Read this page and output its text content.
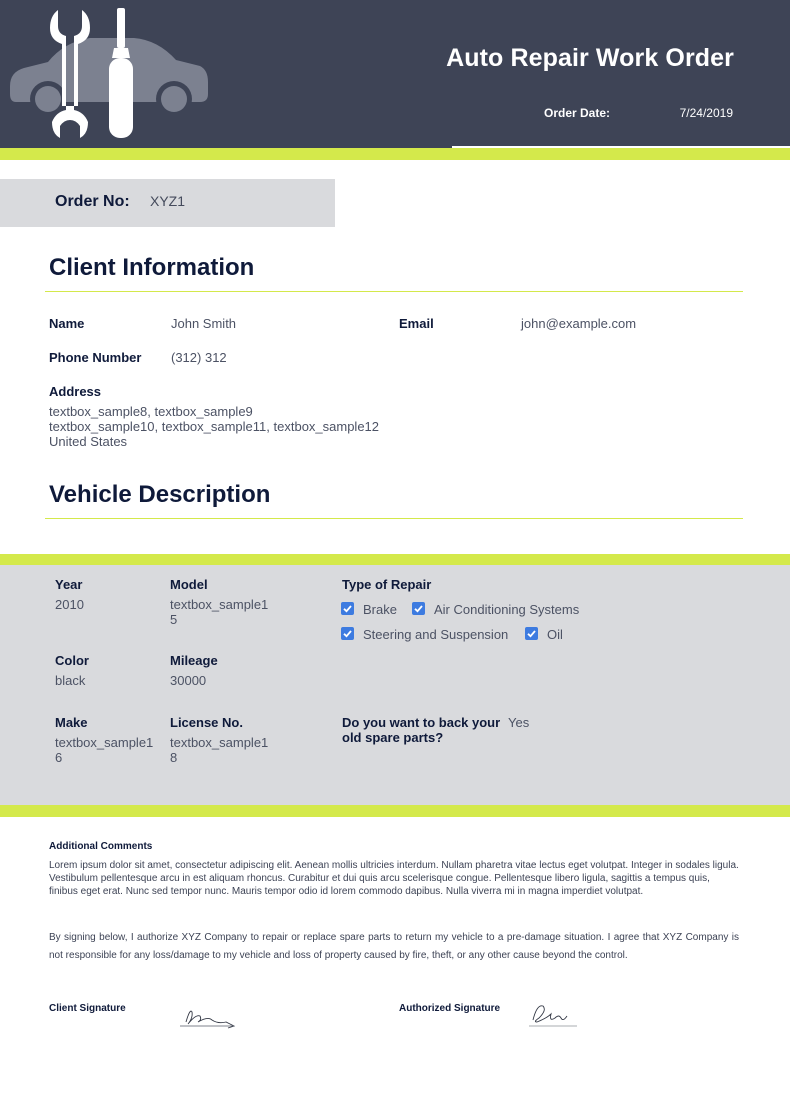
Auto Repair Work Order
Order Date:	7/24/2019
Order No: XYZ1
Client Information
Name	John Smith	Email	john@example.com
Phone Number (312) 312
Address
textbox_sample8, textbox_sample9
textbox_sample10, textbox_sample11, textbox_sample12
United States
Vehicle Description
Year
2010
Model
textbox_sample15
Color
black
Mileage
30000
Make
textbox_sample16
License No.
textbox_sample18
Type of Repair
Brake	Air Conditioning Systems
Steering and Suspension	Oil
Do you want to back your
old spare parts?
Yes
Additional Comments
Lorem ipsum dolor sit amet, consectetur adipiscing elit. Aenean mollis ultricies interdum. Nullam pharetra vitae lectus eget volutpat. Integer in sodales ligula. Vestibulum pellentesque arcu in est aliquam rhoncus. Curabitur et dui quis arcu scelerisque congue. Pellentesque libero ligula, sagittis a tempus quis, finibus eget erat. Nunc sed tempor nunc. Mauris tempor odio id lorem commodo dapibus. Nulla viverra mi in magna imperdiet volutpat.
By signing below, I authorize XYZ Company to repair or replace spare parts to return my vehicle to a pre-damage situation. I agree that XYZ Company is not responsible for any loss/damage to my vehicle and loss of property caused by fire, theft, or any other cause beyond the control.
Client Signature	Authorized Signature
